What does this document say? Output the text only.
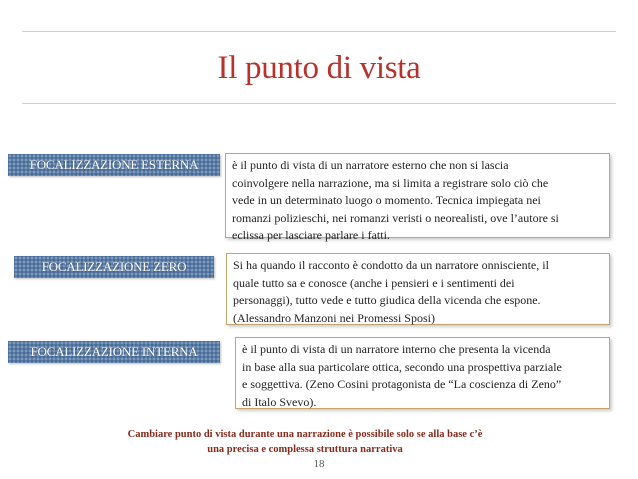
Il punto di vista
FOCALIZZAZIONE ESTERNA	è il punto di vista di un narratore esterno che non si lascia
coinvolgere nella narrazione, ma si limita a registrare solo ciò che
vede in un determinato luogo o momento. Tecnica impiegata nei
romanzi polizieschi, nei romanzi veristi o neorealisti, ove l’autore si
eclissa per lasciare parlare i fatti.
FOCALIZZAZIONE ZERO	Si ha quando il racconto è condotto da un narratore onnisciente, il
quale tutto sa e conosce (anche i pensieri e i sentimenti dei
personaggi), tutto vede e tutto giudica della vicenda che espone.
(Alessandro Manzoni nei Promessi Sposi)
FOCALIZZAZIONE INTERNA	è il punto di vista di un narratore interno che presenta la vicenda
in base alla sua particolare ottica, secondo una prospettiva parziale
e soggettiva. (Zeno Cosini protagonista de “La coscienza di Zeno”
di Italo Svevo).
Cambiare punto di vista durante una narrazione è possibile solo se alla base c’è
una precisa e complessa struttura narrativa
18
